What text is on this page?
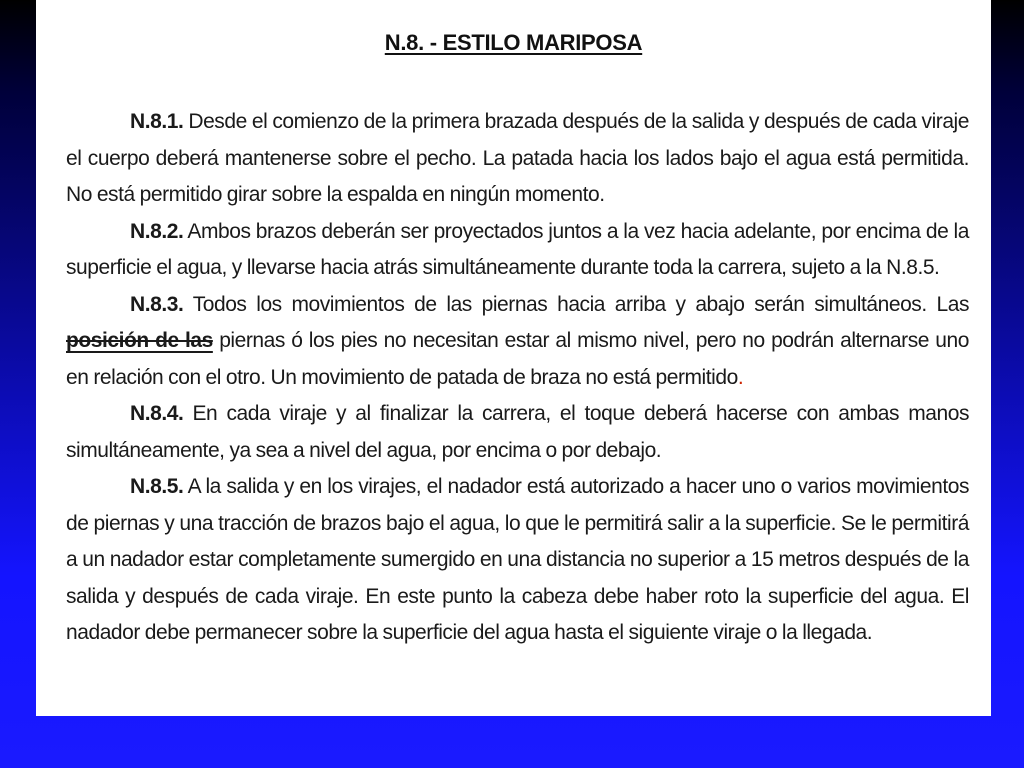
N.8. - ESTILO MARIPOSA

N.8.1. Desde el comienzo de la primera brazada después de la salida y después de cada viraje el cuerpo deberá mantenerse sobre el pecho. La patada hacia los lados bajo el agua está permitida. No está permitido girar sobre la espalda en ningún momento.

N.8.2. Ambos brazos deberán ser proyectados juntos a la vez hacia adelante, por encima de la superficie el agua, y llevarse hacia atrás simultáneamente durante toda la carrera, sujeto a la N.8.5.

N.8.3. Todos los movimientos de las piernas hacia arriba y abajo serán simultáneos. Las posición de las piernas ó los pies no necesitan estar al mismo nivel, pero no podrán alternarse uno en relación con el otro. Un movimiento de patada de braza no está permitido.

N.8.4. En cada viraje y al finalizar la carrera, el toque deberá hacerse con ambas manos simultáneamente, ya sea a nivel del agua, por encima o por debajo.

N.8.5. A la salida y en los virajes, el nadador está autorizado a hacer uno o varios movimientos de piernas y una tracción de brazos bajo el agua, lo que le permitirá salir a la superficie. Se le permitirá a un nadador estar completamente sumergido en una distancia no superior a 15 metros después de la salida y después de cada viraje. En este punto la cabeza debe haber roto la superficie del agua. El nadador debe permanecer sobre la superficie del agua hasta el siguiente viraje o la llegada.
